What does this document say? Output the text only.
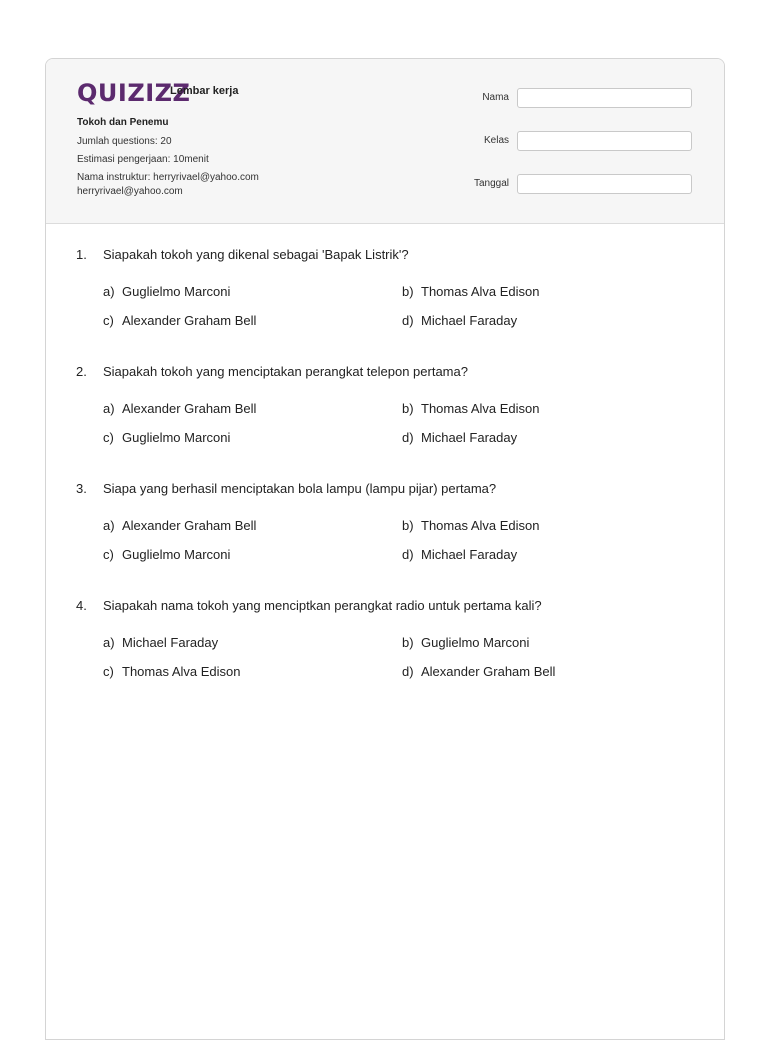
QUIZIZZ
Lembar kerja
Tokoh dan Penemu
Jumlah questions: 20
Estimasi pengerjaan: 10menit
Nama instruktur: herryrivael@yahoo.com
herryrivael@yahoo.com
Nama
Kelas
Tanggal
1.	Siapakah tokoh yang dikenal sebagai 'Bapak Listrik'?
a) Guglielmo Marconi	b) Thomas Alva Edison
c) Alexander Graham Bell	d) Michael Faraday
2.	Siapakah tokoh yang menciptakan perangkat telepon pertama?
a) Alexander Graham Bell	b) Thomas Alva Edison
c) Guglielmo Marconi	d) Michael Faraday
3.	Siapa yang berhasil menciptakan bola lampu (lampu pijar) pertama?
a) Alexander Graham Bell	b) Thomas Alva Edison
c) Guglielmo Marconi	d) Michael Faraday
4.	Siapakah nama tokoh yang menciptkan perangkat radio untuk pertama kali?
a) Michael Faraday	b) Guglielmo Marconi
c) Thomas Alva Edison	d) Alexander Graham Bell
